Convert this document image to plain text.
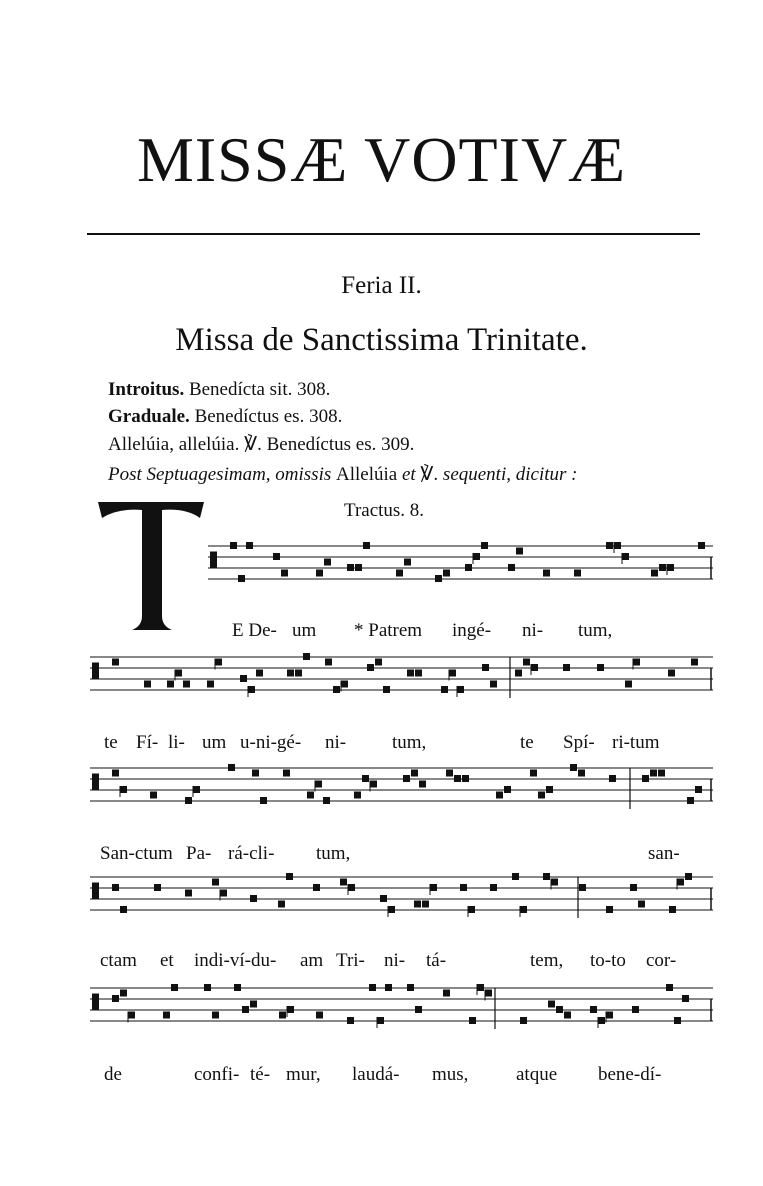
MISSÆ VOTIVÆ
Feria II.
Missa de Sanctissima Trinitate.
Introitus. Benedícta sit. 308.
Graduale. Benedíctus es. 308.
Allelúia, allelúia. ℣. Benedíctus es. 309.
Post Septuagesimam, omissis Allelúia et ℣. sequenti, dicitur :
Tractus. 8.
E De- um * Patrem ingé- ni- tum,
te Fí- li- um u-ni-gé- ni- tum,	te Spí- ri-tum
San-ctum Pa- rá-cli- tum,	san-
ctam et indi-ví-du- am Tri- ni- tá-	tem, to-to cor-
de	confi- té- mur, laudá- mus,	atque bene-dí-
